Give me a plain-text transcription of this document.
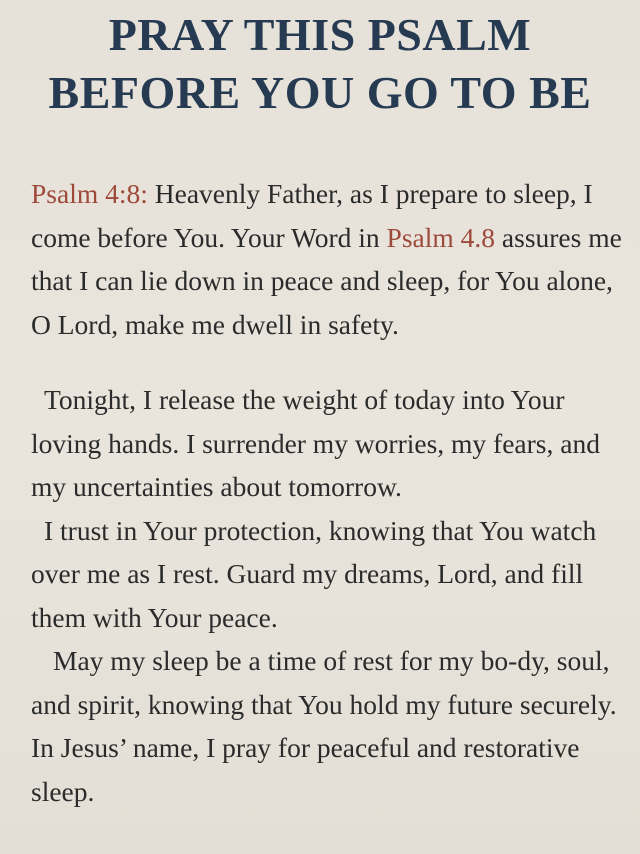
PRAY THIS PSALM
BEFORE YOU GO TO BE

Psalm 4:8: Heavenly Father, as I prepare to sleep, I come before You. Your Word in Psalm 4.8 assures me that I can lie down in peace and sleep, for You alone, O Lord, make me dwell in safety.

Tonight, I release the weight of today into Your loving hands. I surrender my worries, my fears, and my uncertainties about tomorrow.

I trust in Your protection, knowing that You watch over me as I rest. Guard my dreams, Lord, and fill them with Your peace.

May my sleep be a time of rest for my bo-dy, soul, and spirit, knowing that You hold my future securely. In Jesus’ name, I pray for peaceful and restorative sleep.
